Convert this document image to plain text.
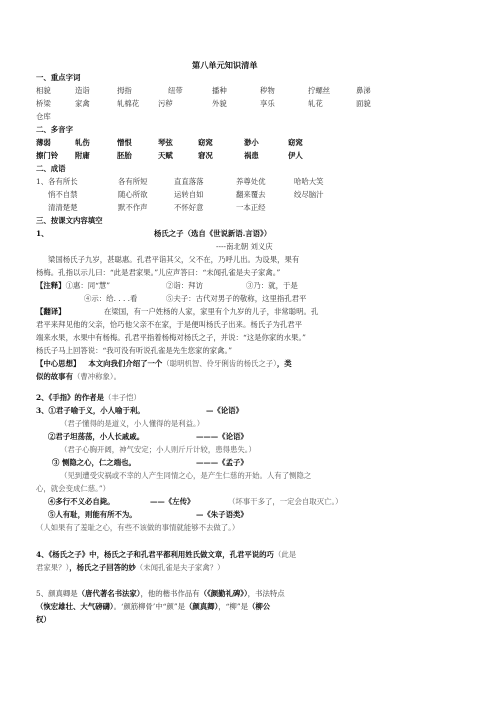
第八单元知识清单
一、重点字词
相貌	造诣	拇指	纽带	播种	秽物	拧螺丝	鼻涕
桥梁	家禽	轧棉花	污秽	外貌	享乐	轧花	面貌
仓库
二、多音字
薄弱	轧伤	憎恨	琴弦	窈窕	渺小	窈窕
擦门铃 附庸	胚胎	天赋	窘况	祸患	伊人
二、成语
1、各有所长	各有所短	直直落落	养尊处优	哈哈大笑
悄不自禁	随心所欲	运转自如	翻来覆去	绞尽脑汁
清清楚楚	默不作声	不怀好意	一本正经
三、按课文内容填空
1、	杨氏之子（选自《世说新语.言语》）
----南北朝 刘义庆
梁国杨氏子九岁，甚聪惠。孔君平诣其父，父不在，乃呼儿出。为设果，果有
杨梅。孔指以示儿曰：“此是君家果。”儿应声答曰：“未闻孔雀是夫子家禽。”
【注释】①惠：同“慧”	②诣：拜访	③乃：就，于是
④示：给. . . .看	⑤夫子：古代对男子的敬称，这里指孔君平
【翻译】	在梁国，有一户姓杨的人家，家里有个九岁的儿子，非常聪明。孔
君平来拜见他的父亲，恰巧他父亲不在家，于是便叫杨氏子出来。杨氏子为孔君平
端来水果，水果中有杨梅。孔君平指着杨梅对杨氏之子，并说：“这是你家的水果。”
杨氏子马上回答说：“我可没有听说孔雀是先生您家的家禽。”
【中心思想】 本文向我们介绍了一个（聪明机智、伶牙俐齿的杨氏之子），类
似的故事有（曹冲称象）。
2、《手指》的作者是（丰子恺）
3、①君子喻于义，小人喻于利。	—《论语》
（君子懂得的是道义，小人懂得的是利益。）
②君子坦荡荡，小人长戚戚。	———《论语》
（君子心胸开阔，神气安定；小人则斤斤计较，患得患失。）
③ 恻隐之心，仁之端也。	———《孟子》
（见到遭受灾祸或不幸的人产生同情之心，是产生仁慈的开始。人有了恻隐之
心，就会变成仁慈。”）
④多行不义必自毙。	——《左传》	（坏事干多了，一定会自取灭亡。）
⑤人有耻，则能有所不为。	—《朱子语类》
（人如果有了羞耻之心，有些不该做的事情就能够不去做了。）
4、《杨氏之子》中，杨氏之子和孔君平都利用姓氏做文章，孔君平说的巧（此是
君家果？），杨氏之子回答的妙（未闻孔雀是夫子家禽？）
5、颜真卿是（唐代著名书法家），他的楷书作品有（《颜勤礼碑》），书法特点
（恢宏雄壮、大气磅礴）。‘颜筋柳骨’中“颜”是（颜真卿），“柳”是（柳公
权）
